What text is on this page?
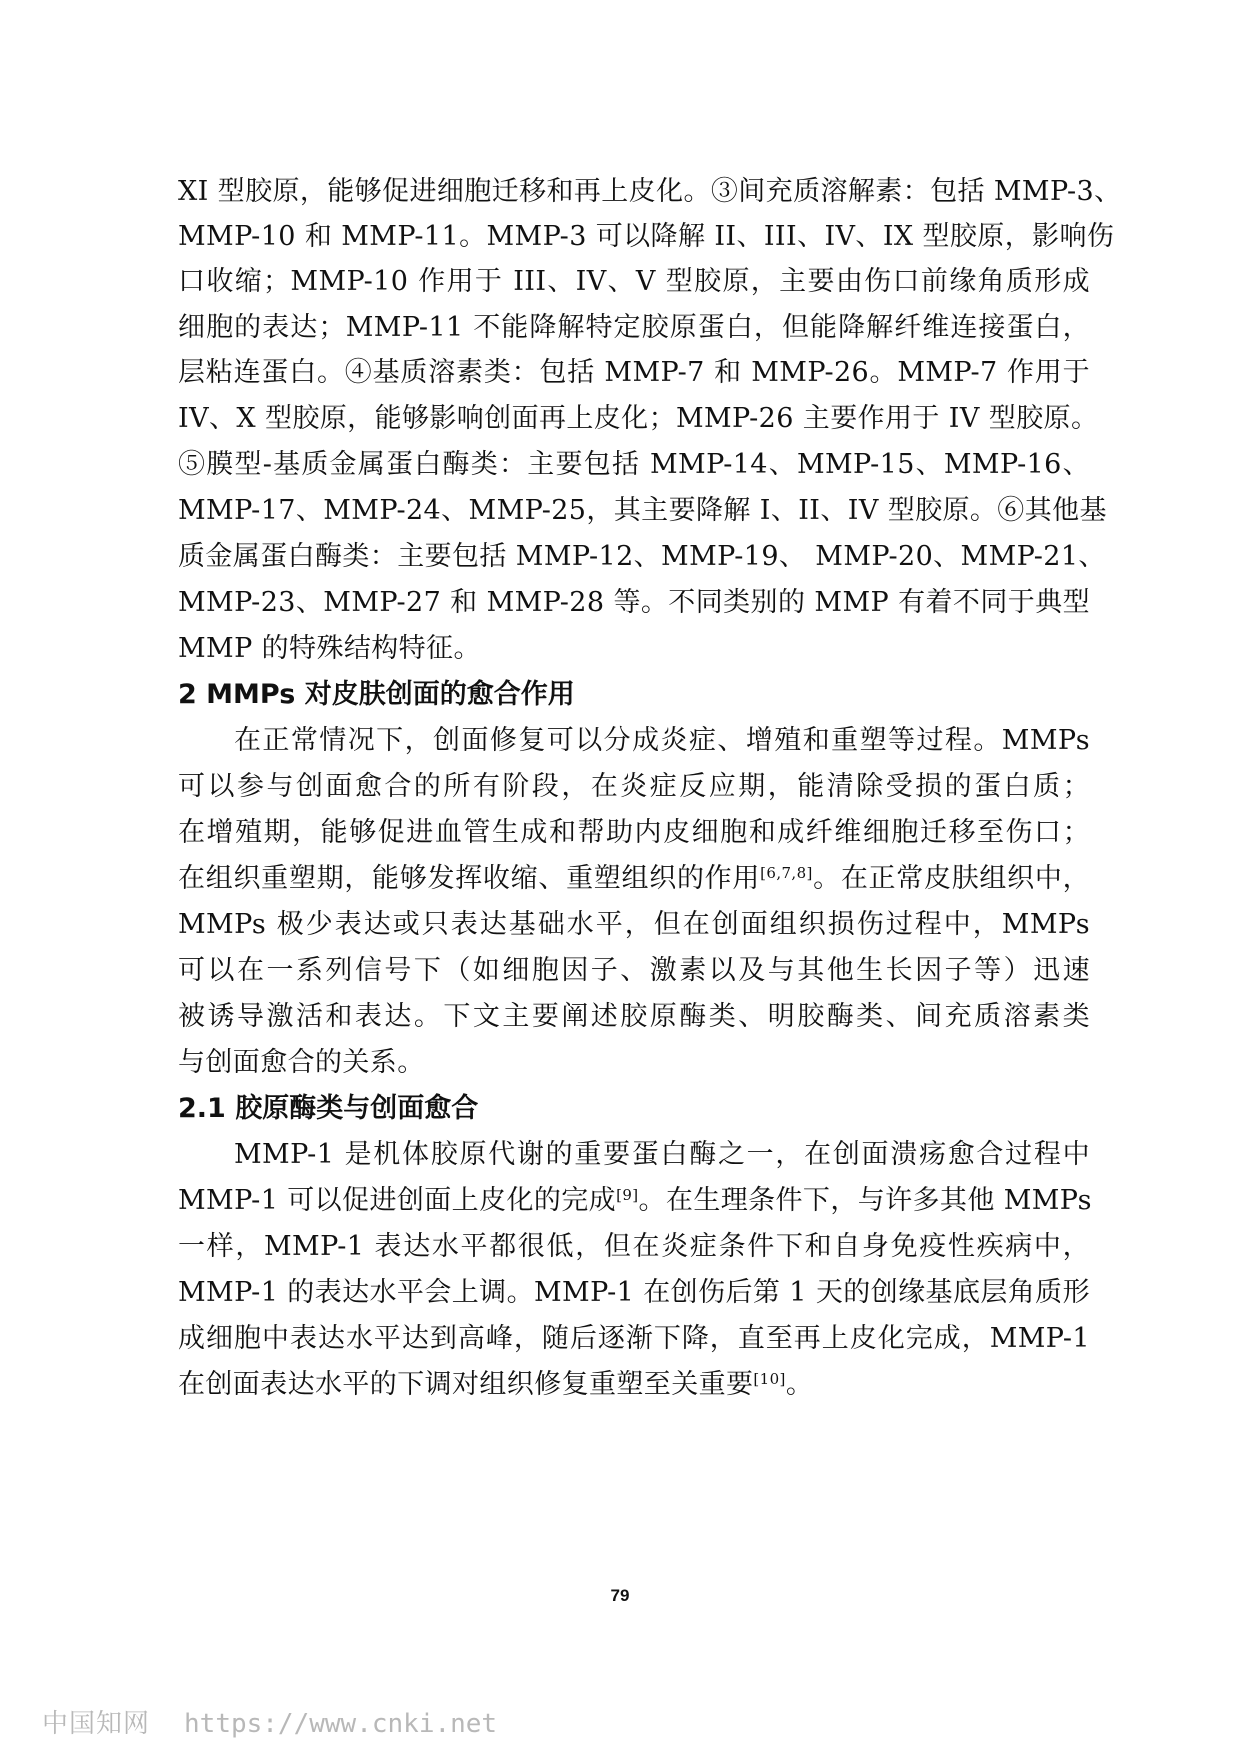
XI 型胶原，能够促进细胞迁移和再上皮化。③间充质溶解素：包括 MMP-3、
MMP-10 和 MMP-11。MMP-3 可以降解 II、III、IV、IX 型胶原，影响伤
口收缩；MMP-10 作用于 III、IV、V 型胶原，主要由伤口前缘角质形成
细胞的表达；MMP-11 不能降解特定胶原蛋白，但能降解纤维连接蛋白，
层粘连蛋白。④基质溶素类：包括 MMP-7 和 MMP-26。MMP-7 作用于
IV、X 型胶原，能够影响创面再上皮化；MMP-26 主要作用于 IV 型胶原。
⑤膜型-基质金属蛋白酶类：主要包括 MMP-14、MMP-15、MMP-16、
MMP-17、MMP-24、MMP-25，其主要降解 I、II、IV 型胶原。⑥其他基
质金属蛋白酶类：主要包括 MMP-12、MMP-19、 MMP-20、MMP-21、
MMP-23、MMP-27 和 MMP-28 等。不同类别的 MMP 有着不同于典型
MMP 的特殊结构特征。
2 MMPs 对皮肤创面的愈合作用
在正常情况下，创面修复可以分成炎症、增殖和重塑等过程。MMPs
可以参与创面愈合的所有阶段，在炎症反应期，能清除受损的蛋白质；
在增殖期，能够促进血管生成和帮助内皮细胞和成纤维细胞迁移至伤口；
在组织重塑期，能够发挥收缩、重塑组织的作用[6,7,8]。在正常皮肤组织中，
MMPs 极少表达或只表达基础水平，但在创面组织损伤过程中，MMPs
可以在一系列信号下（如细胞因子、激素以及与其他生长因子等）迅速
被诱导激活和表达。下文主要阐述胶原酶类、明胶酶类、间充质溶素类
与创面愈合的关系。
2.1 胶原酶类与创面愈合
MMP-1 是机体胶原代谢的重要蛋白酶之一，在创面溃疡愈合过程中
MMP-1 可以促进创面上皮化的完成[9]。在生理条件下，与许多其他 MMPs
一样，MMP-1 表达水平都很低，但在炎症条件下和自身免疫性疾病中，
MMP-1 的表达水平会上调。MMP-1 在创伤后第 1 天的创缘基底层角质形
成细胞中表达水平达到高峰，随后逐渐下降，直至再上皮化完成，MMP-1
在创面表达水平的下调对组织修复重塑至关重要[10]。
79
中国知网 https://www.cnki.net
